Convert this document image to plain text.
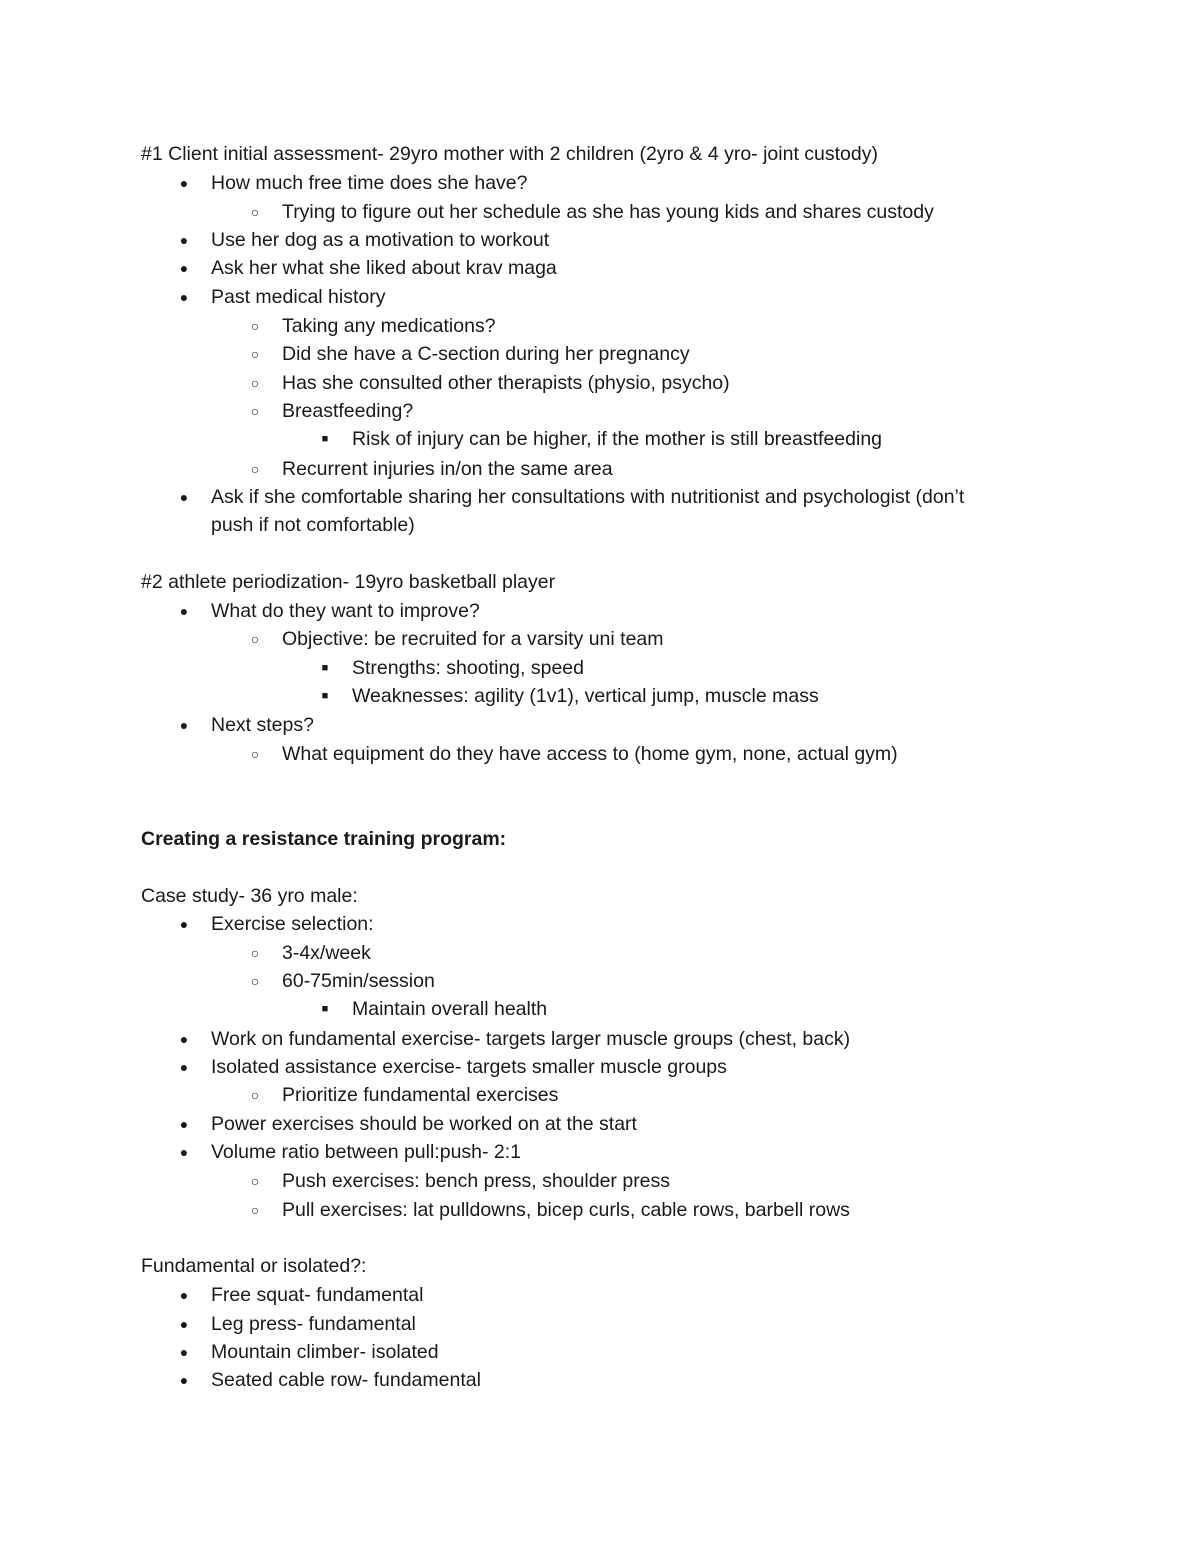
#1 Client initial assessment- 29yro mother with 2 children (2yro & 4 yro- joint custody)
● How much free time does she have?
○ Trying to figure out her schedule as she has young kids and shares custody
● Use her dog as a motivation to workout
● Ask her what she liked about krav maga
● Past medical history
○ Taking any medications?
○ Did she have a C-section during her pregnancy
○ Has she consulted other therapists (physio, psycho)
○ Breastfeeding?
■ Risk of injury can be higher, if the mother is still breastfeeding
○ Recurrent injuries in/on the same area
● Ask if she comfortable sharing her consultations with nutritionist and psychologist (don’t
push if not comfortable)
#2 athlete periodization- 19yro basketball player
● What do they want to improve?
○ Objective: be recruited for a varsity uni team
■ Strengths: shooting, speed
■ Weaknesses: agility (1v1), vertical jump, muscle mass
● Next steps?
○ What equipment do they have access to (home gym, none, actual gym)
Creating a resistance training program:
Case study- 36 yro male:
● Exercise selection:
○ 3-4x/week
○ 60-75min/session
■ Maintain overall health
● Work on fundamental exercise- targets larger muscle groups (chest, back)
● Isolated assistance exercise- targets smaller muscle groups
○ Prioritize fundamental exercises
● Power exercises should be worked on at the start
● Volume ratio between pull:push- 2:1
○ Push exercises: bench press, shoulder press
○ Pull exercises: lat pulldowns, bicep curls, cable rows, barbell rows
Fundamental or isolated?:
● Free squat- fundamental
● Leg press- fundamental
● Mountain climber- isolated
● Seated cable row- fundamental
